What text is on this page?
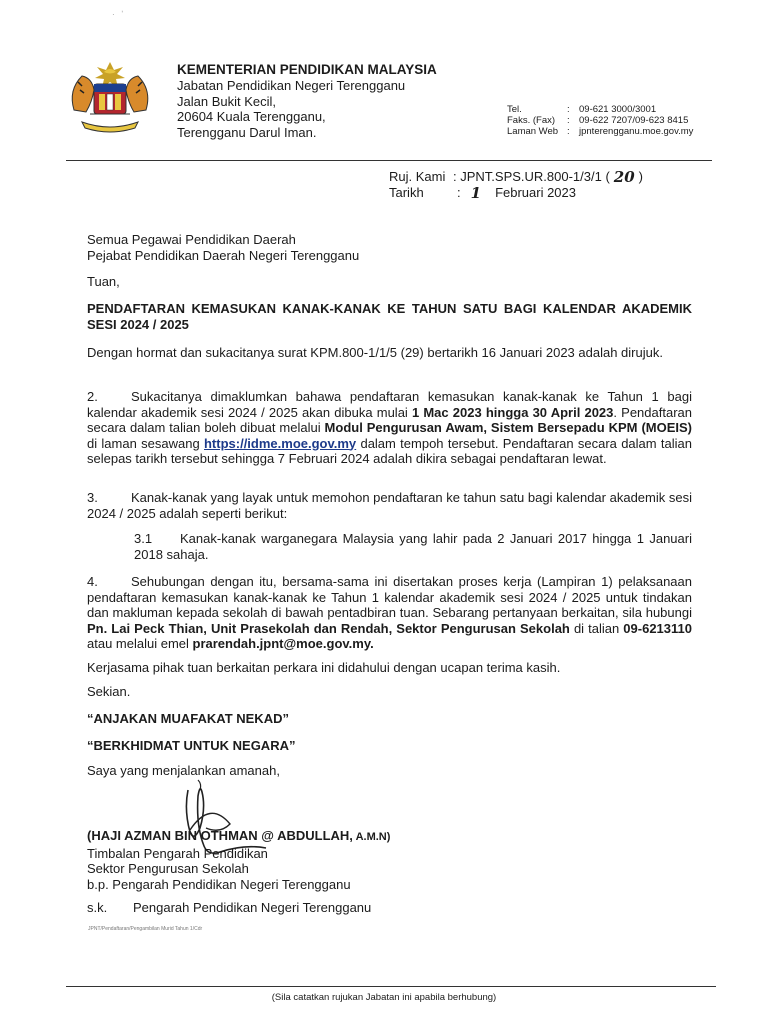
·   ʼ
KEMENTERIAN PENDIDIKAN MALAYSIA
Jabatan Pendidikan Negeri Terengganu
Jalan Bukit Kecil,
20604 Kuala Terengganu,
Terengganu Darul Iman.
Tel.	: 09-621 3000/3001
Faks. (Fax)	: 09-622 7207/09-623 8415
Laman Web : jpnterengganu.moe.gov.my
Ruj. Kami : JPNT.SPS.UR.800-1/3/1 ( 20 )
Tarikh	: 1 Februari 2023

Semua Pegawai Pendidikan Daerah

Pejabat Pendidikan Daerah Negeri Terengganu

Tuan,
PENDAFTARAN KEMASUKAN KANAK-KANAK KE TAHUN SATU BAGI KALENDAR AKADEMIK SESI 2024 / 2025
Dengan hormat dan sukacitanya surat KPM.800-1/1/5 (29) bertarikh 16 Januari 2023 adalah dirujuk.
2.	Sukacitanya dimaklumkan bahawa pendaftaran kemasukan kanak-kanak ke Tahun 1 bagi kalendar akademik sesi 2024 / 2025 akan dibuka mulai 1 Mac 2023 hingga 30 April 2023. Pendaftaran secara dalam talian boleh dibuat melalui Modul Pengurusan Awam, Sistem Bersepadu KPM (MOEIS) di laman sesawang https://idme.moe.gov.my dalam tempoh tersebut. Pendaftaran secara dalam talian selepas tarikh tersebut sehingga 7 Februari 2024 adalah dikira sebagai pendaftaran lewat.
3.	Kanak-kanak yang layak untuk memohon pendaftaran ke tahun satu bagi kalendar akademik sesi 2024 / 2025 adalah seperti berikut:
3.1 Kanak-kanak warganegara Malaysia yang lahir pada 2 Januari 2017 hingga 1 Januari 2018 sahaja.
4.	Sehubungan dengan itu, bersama-sama ini disertakan proses kerja (Lampiran 1) pelaksanaan pendaftaran kemasukan kanak-kanak ke Tahun 1 kalendar akademik sesi 2024 / 2025 untuk tindakan dan makluman kepada sekolah di bawah pentadbiran tuan. Sebarang pertanyaan berkaitan, sila hubungi Pn. Lai Peck Thian, Unit Prasekolah dan Rendah, Sektor Pengurusan Sekolah di talian 09-6213110 atau melalui emel prarendah.jpnt@moe.gov.my.
Kerjasama pihak tuan berkaitan perkara ini didahului dengan ucapan terima kasih.
Sekian.
“ANJAKAN MUAFAKAT NEKAD”
“BERKHIDMAT UNTUK NEGARA”
Saya yang menjalankan amanah,
(HAJI AZMAN BIN OTHMAN @ ABDULLAH, A.M.N)
Timbalan Pengarah Pendidikan
Sektor Pengurusan Sekolah
b.p. Pengarah Pendidikan Negeri Terengganu
s.k. Pengarah Pendidikan Negeri Terengganu
JPNT/Pendaftaran/Pengambilan Murid Tahun 1/Cdr
(Sila catatkan rujukan Jabatan ini apabila berhubung)
